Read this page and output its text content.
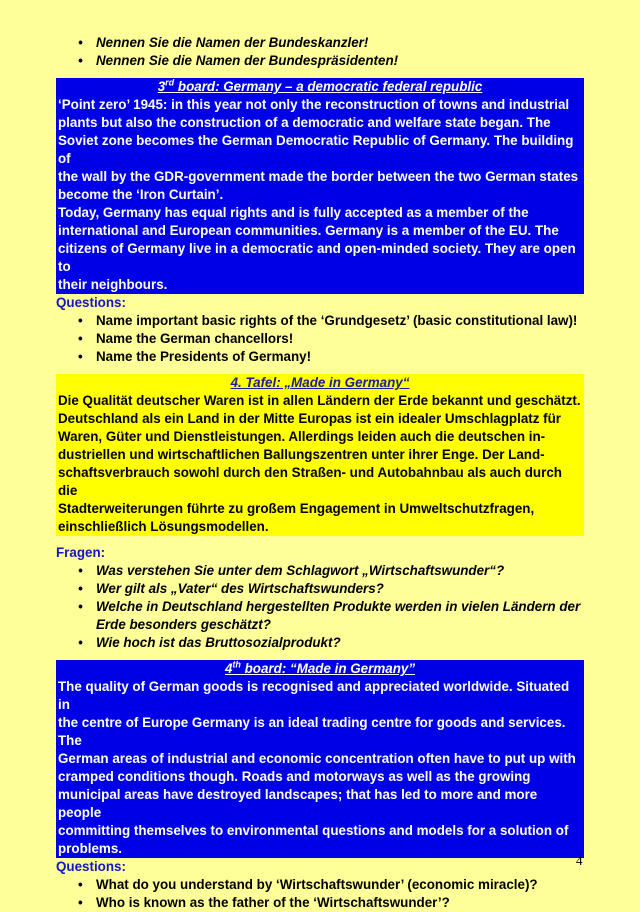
• Nennen Sie die Namen der Bundeskanzler!
• Nennen Sie die Namen der Bundespräsidenten!
3rd board: Germany – a democratic federal republic
‘Point zero’ 1945: in this year not only the reconstruction of towns and industrial
plants but also the construction of a democratic and welfare state began. The
Soviet zone becomes the German Democratic Republic of Germany. The building of
the wall by the GDR-government made the border between the two German states
become the ‘Iron Curtain’.
Today, Germany has equal rights and is fully accepted as a member of the
international and European communities. Germany is a member of the EU. The
citizens of Germany live in a democratic and open-minded society. They are open to
their neighbours.
Questions:
• Name important basic rights of the ‘Grundgesetz’ (basic constitutional law)!
• Name the German chancellors!
• Name the Presidents of Germany!
4. Tafel: „Made in Germany“
Die Qualität deutscher Waren ist in allen Ländern der Erde bekannt und geschätzt.
Deutschland als ein Land in der Mitte Europas ist ein idealer Umschlagplatz für
Waren, Güter und Dienstleistungen. Allerdings leiden auch die deutschen in-
dustriellen und wirtschaftlichen Ballungszentren unter ihrer Enge. Der Land-
schaftsverbrauch sowohl durch den Straßen- und Autobahnbau als auch durch die
Stadterweiterungen führte zu großem Engagement in Umweltschutzfragen,
einschließlich Lösungsmodellen.
Fragen:
• Was verstehen Sie unter dem Schlagwort „Wirtschaftswunder“?
• Wer gilt als „Vater“ des Wirtschaftswunders?
• Welche in Deutschland hergestellten Produkte werden in vielen Ländern der Erde besonders geschätzt?
• Wie hoch ist das Bruttosozialprodukt?
4th board: “Made in Germany”
The quality of German goods is recognised and appreciated worldwide. Situated in
the centre of Europe Germany is an ideal trading centre for goods and services. The
German areas of industrial and economic concentration often have to put up with
cramped conditions though. Roads and motorways as well as the growing
municipal areas have destroyed landscapes; that has led to more and more people
committing themselves to environmental questions and models for a solution of
problems.
Questions:
• What do you understand by ‘Wirtschaftswunder’ (economic miracle)?
• Who is known as the father of the ‘Wirtschaftswunder’?
4
